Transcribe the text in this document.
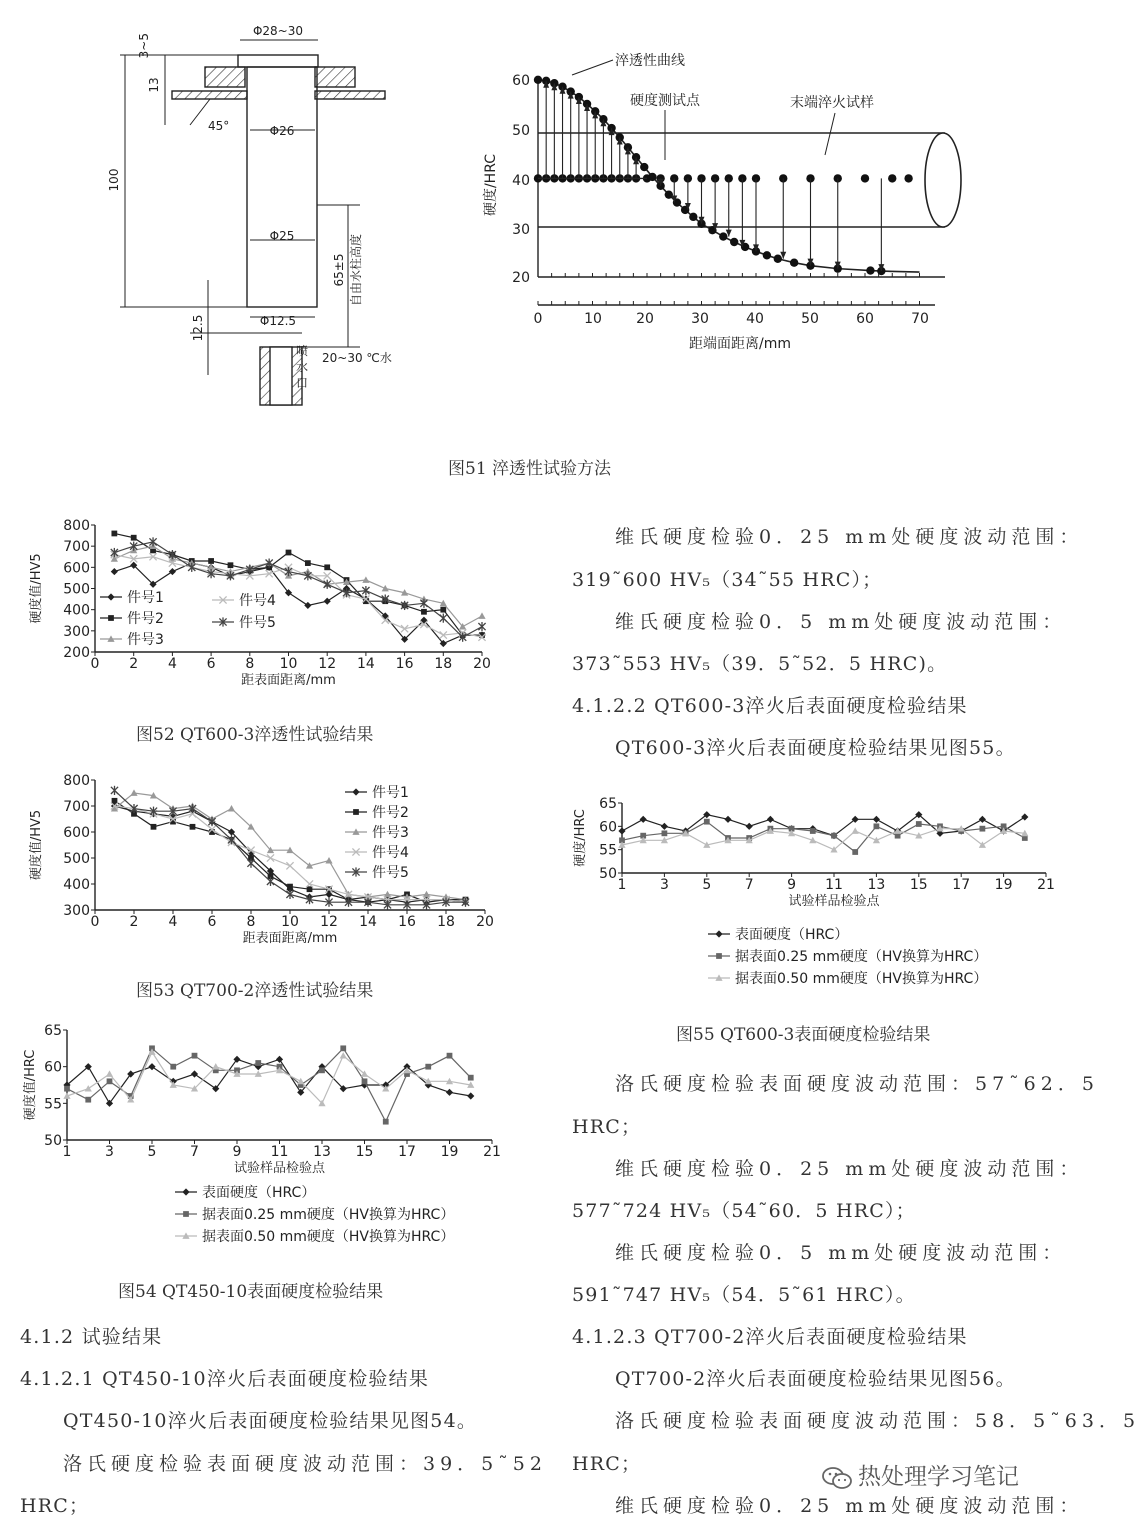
3~5
13
Φ28~30
45°	Φ26
100
Φ25
65±5 自由水柱高度
12.5	Φ12.5
喷
水
口
20~30 ℃水
60
50
40
30
20
0	10 20	30	40	50	60	70
硬度/HRC
距端面距离/mm
淬透性曲线
硬度测试点	末端淬火试样
图51 淬透性试验方法
200
300
400
500
600
700
800
0 2 4 6 8 10 12 14 16 18 20
硬度值/HV5
距表面距离/mm
件号1
件号2
件号3
件号4
件号5
图52 QT600-3淬透性试验结果
300
400
500
600
700
800
0 2 4 6 8 10 12 14 16 18 20
硬度值/HV5
距表面距离/mm
件号1
件号2
件号3
件号4
件号5
图53 QT700-2淬透性试验结果
50
55
60
65
1 3 5 7 9 11 13 15 17 19 21
硬度值/HRC
试验样品检验点
表面硬度（HRC）
据表面0.25 mm硬度（HV换算为HRC）
据表面0.50 mm硬度（HV换算为HRC）
图54 QT450-10表面硬度检验结果
50
55
60
65
1 3 5 7 9 11 13 15 17 19 21
硬度/HRC
试验样品检验点
表面硬度（HRC）
据表面0.25 mm硬度（HV换算为HRC）
据表面0.50 mm硬度（HV换算为HRC）
图55 QT600-3表面硬度检验结果
维氏硬度检验0．25 mm处硬度波动范围：
319˜600 HV₅（34˜55 HRC）；
维氏硬度检验0．5 mm处硬度波动范围：
373˜553 HV₅（39．5˜52．5 HRC)。
4.1.2.2 QT600-3淬火后表面硬度检验结果
QT600-3淬火后表面硬度检验结果见图55。
洛氏硬度检验表面硬度波动范围：57˜62．5
HRC；
维氏硬度检验0．25 mm处硬度波动范围：
577˜724 HV₅（54˜60．5 HRC）；
维氏硬度检验0．5 mm处硬度波动范围：
591˜747 HV₅（54．5˜61 HRC）。
4.1.2.3 QT700-2淬火后表面硬度检验结果
QT700-2淬火后表面硬度检验结果见图56。
洛氏硬度检验表面硬度波动范围：58．5˜63．5
HRC；
维氏硬度检验0．25 mm处硬度波动范围：
4.1.2 试验结果
4.1.2.1 QT450-10淬火后表面硬度检验结果
QT450-10淬火后表面硬度检验结果见图54。
洛氏硬度检验表面硬度波动范围：39．5˜52
HRC；
热处理学习笔记
